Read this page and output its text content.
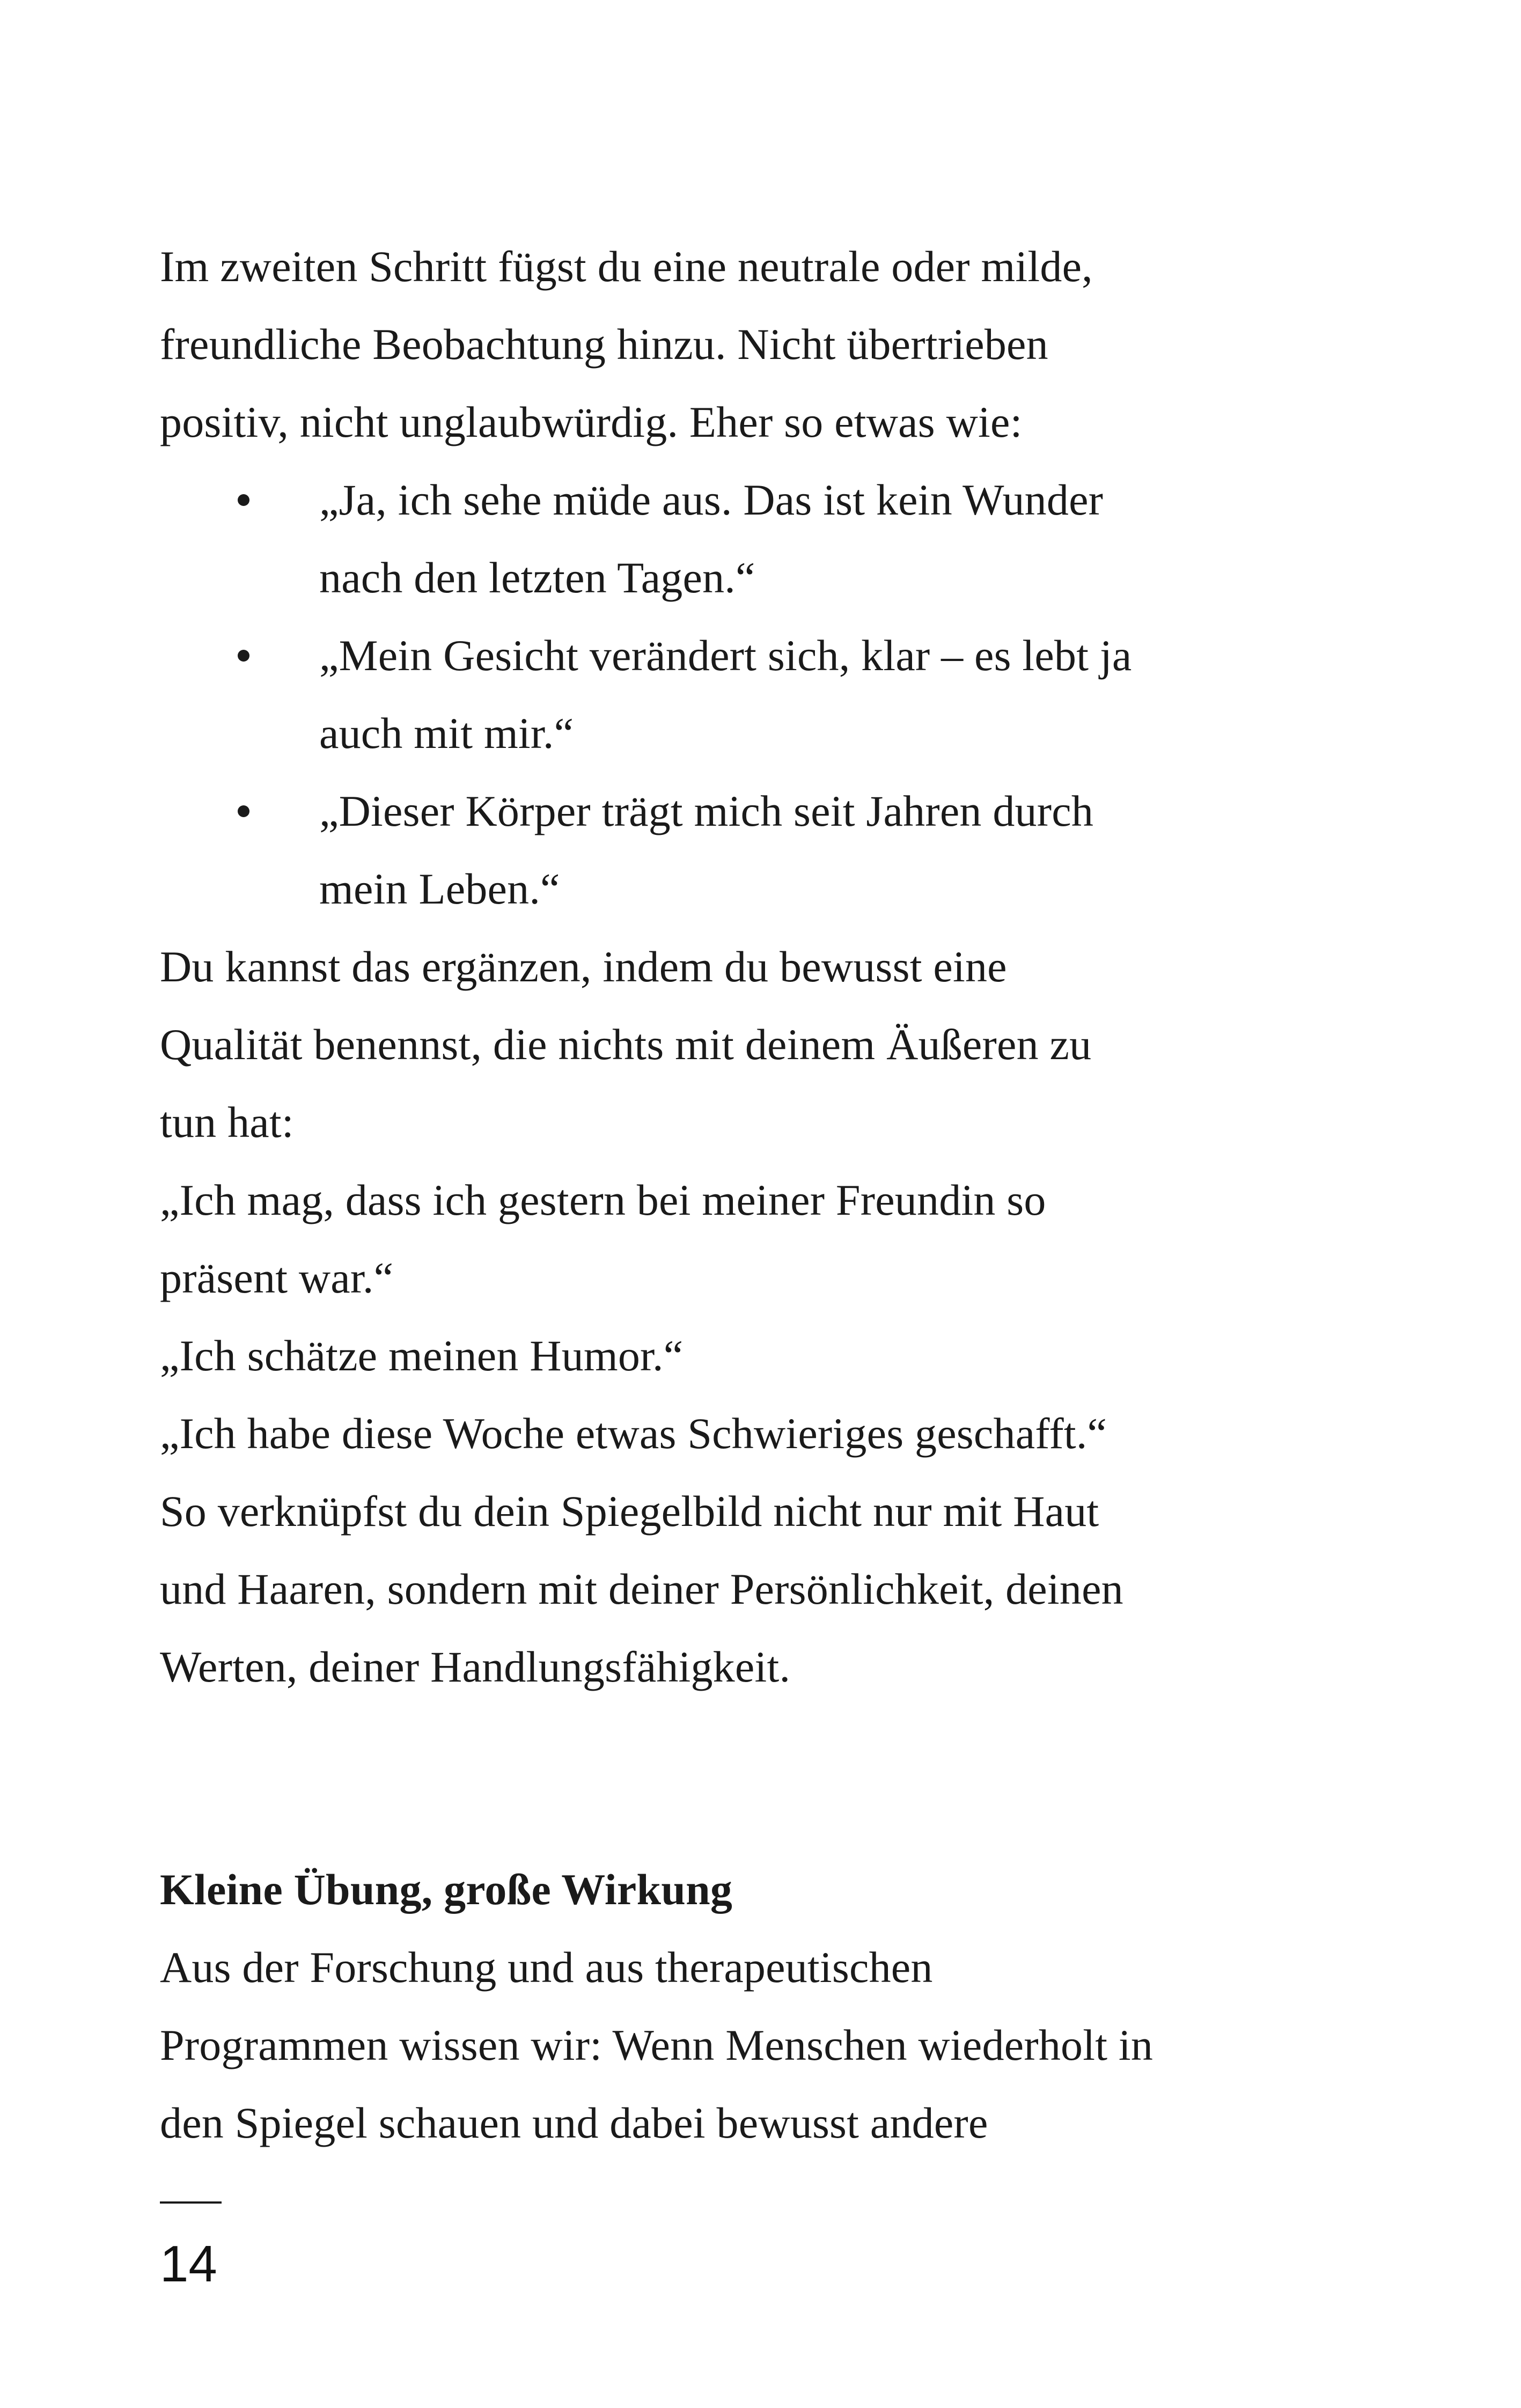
Im zweiten Schritt fügst du eine neutrale oder milde,
freundliche Beobachtung hinzu. Nicht übertrieben
positiv, nicht unglaubwürdig. Eher so etwas wie:
„Ja, ich sehe müde aus. Das ist kein Wunder
nach den letzten Tagen.“
„Mein Gesicht verändert sich, klar – es lebt ja
auch mit mir.“
„Dieser Körper trägt mich seit Jahren durch
mein Leben.“
Du kannst das ergänzen, indem du bewusst eine
Qualität benennst, die nichts mit deinem Äußeren zu
tun hat:
„Ich mag, dass ich gestern bei meiner Freundin so
präsent war.“
„Ich schätze meinen Humor.“
„Ich habe diese Woche etwas Schwieriges geschafft.“
So verknüpfst du dein Spiegelbild nicht nur mit Haut
und Haaren, sondern mit deiner Persönlichkeit, deinen
Werten, deiner Handlungsfähigkeit.
Kleine Übung, große Wirkung
Aus der Forschung und aus therapeutischen
Programmen wissen wir: Wenn Menschen wiederholt in
den Spiegel schauen und dabei bewusst andere
14
